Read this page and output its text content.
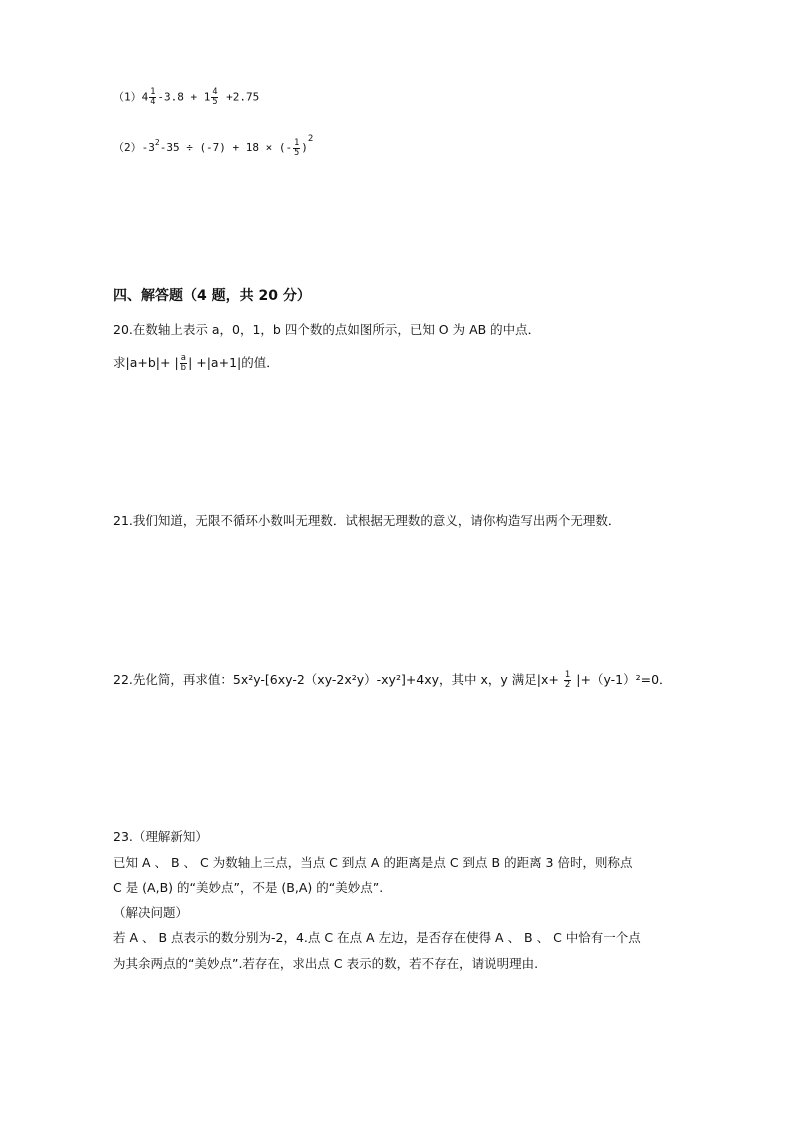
$(1)4 \frac{1}{4} -3.8 + 1 \frac{4}{5} +2.75$
$(2)-3^2-35 \div (-7) + 18$ × (- $\frac{1}{5} )^2$
四、解答题（4 题，共 20 分）
20.在数轴上表示 a，0，1，b 四个数的点如图所示，已知 O 为 AB 的中点．
求|a+b|+ | $\frac{a}{b}$ | +|a+1|的值．
21.我们知道，无限不循环小数叫无理数．试根据无理数的意义，请你构造写出两个无理数．
22.先化简，再求值：5x²y-[6xy-2（xy-2x²y）-xy²]+4xy，其中 x，y 满足$|x+ \frac{1}{2} |+(y-1)^2=0$．
23.（理解新知）
已知 A 、 B 、 C 为数轴上三点，当点 C 到点 A 的距离是点 C 到点 B 的距离 3 倍时，则称点
C 是 (A,B) 的“美妙点”，不是 (B,A) 的“美妙点”.
（解决问题）
若 A 、 B 点表示的数分别为-2，4.点 C 在点 A 左边，是否存在使得 A 、 B 、 C 中恰有一个点
为其余两点的“美妙点”.若存在，求出点 C 表示的数，若不存在，请说明理由.
